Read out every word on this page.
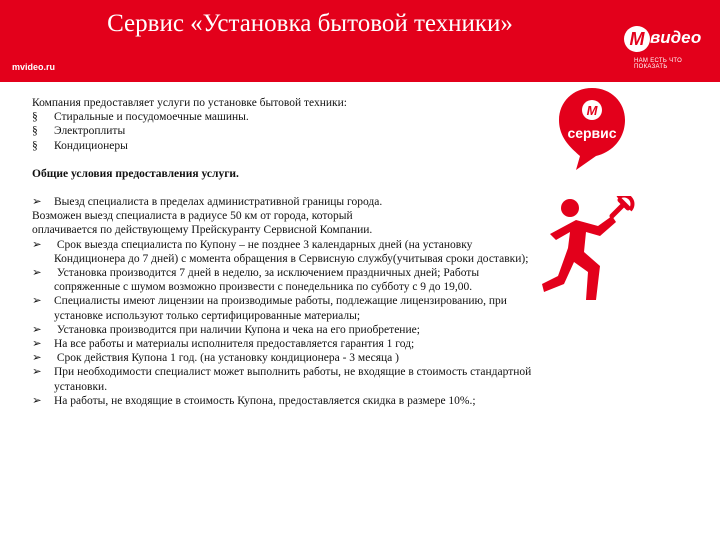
Сервис «Установка бытовой техники»
mvideo.ru
М видео
НАМ ЕСТЬ ЧТО ПОКАЗАТЬ
М
сервис
Компания предоставляет услуги по установке бытовой техники:
§ Стиральные и посудомоечные машины.
§ Электроплиты
§ Кондиционеры
Общие условия предоставления услуги.
➢ Выезд специалиста в пределах административной границы города.
Возможен выезд специалиста в радиусе 50 км от города, который
оплачивается по действующему Прейскуранту Сервисной Компании.
➢ Срок выезда специалиста по Купону – не позднее 3 календарных дней (на установку
Кондиционера до 7 дней) с момента обращения в Сервисную службу(учитывая сроки доставки);
➢ Установка производится 7 дней в неделю, за исключением праздничных дней; Работы
сопряженные с шумом возможно произвести с понедельника по субботу с 9 до 19,00.
➢ Специалисты имеют лицензии на производимые работы, подлежащие лицензированию, при
установке используют только сертифицированные материалы;
➢ Установка производится при наличии Купона и чека на его приобретение;
➢ На все работы и материалы исполнителя предоставляется гарантия 1 год;
➢ Срок действия Купона 1 год. (на установку кондиционера - 3 месяца )
➢ При необходимости специалист может выполнить работы, не входящие в стоимость стандартной
установки.
➢ На работы, не входящие в стоимость Купона, предоставляется скидка в размере 10%.;
